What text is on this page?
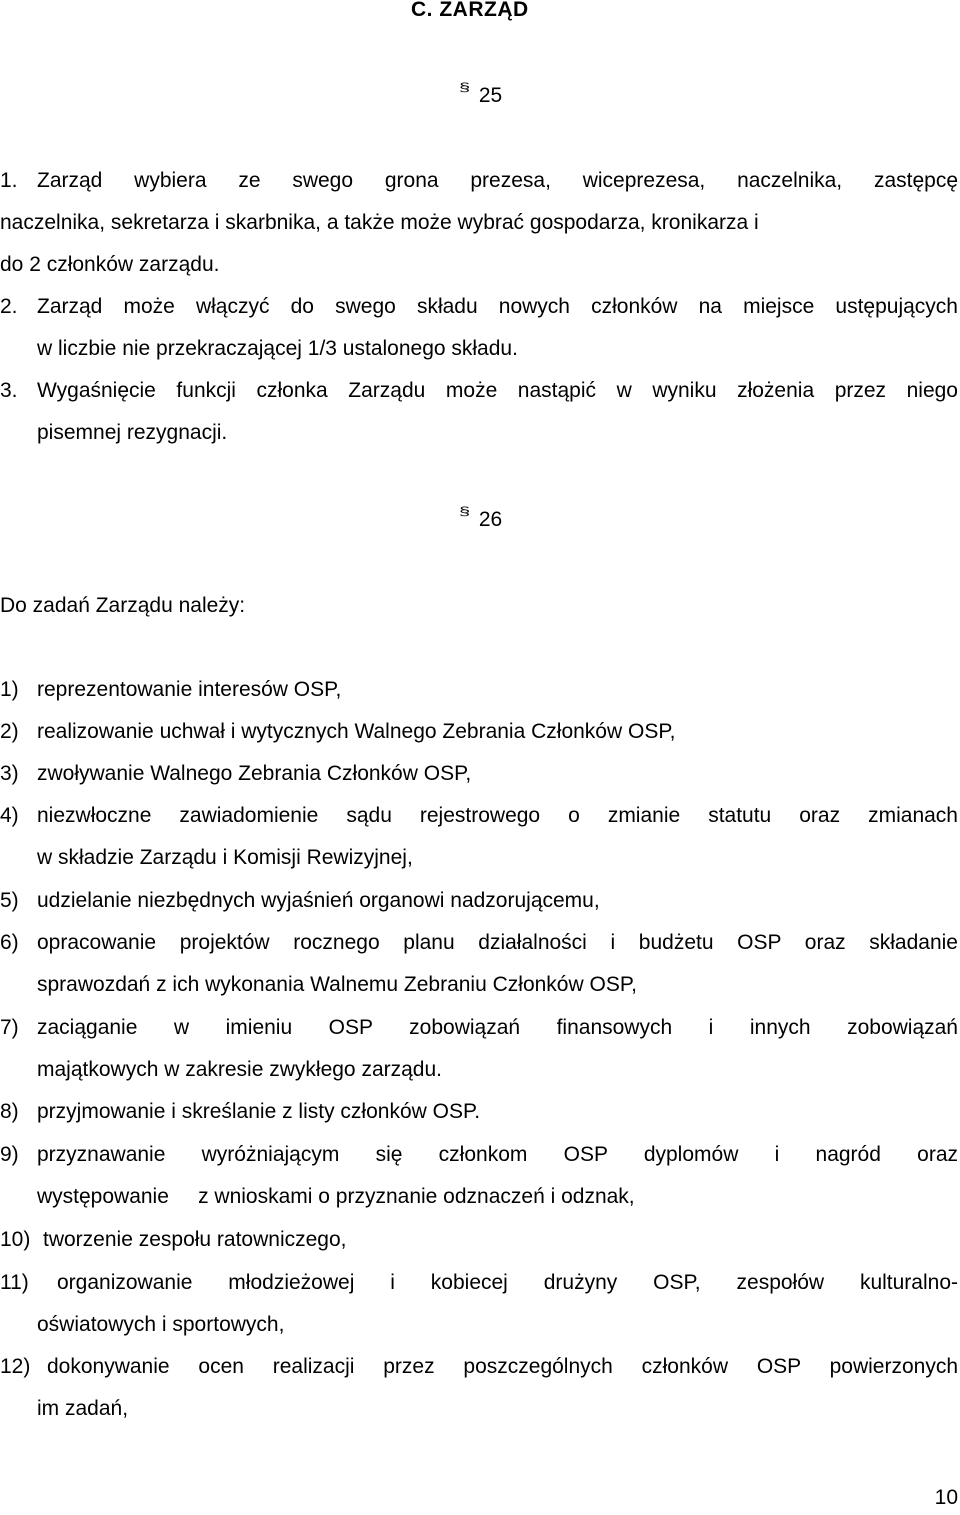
C. ZARZĄD

§ 25

1. Zarząd wybiera ze swego grona prezesa, wiceprezesa, naczelnika, zastępcę
naczelnika, sekretarza i skarbnika, a także może wybrać gospodarza, kronikarza i
do 2 członków zarządu.
2. Zarząd może włączyć do swego składu nowych członków na miejsce ustępujących
w liczbie nie przekraczającej 1/3 ustalonego składu.
3. Wygaśnięcie funkcji członka Zarządu może nastąpić w wyniku złożenia przez niego
pisemnej rezygnacji.

§ 26

Do zadań Zarządu należy:

1) reprezentowanie interesów OSP,
2) realizowanie uchwał i wytycznych Walnego Zebrania Członków OSP,
3) zwoływanie Walnego Zebrania Członków OSP,
4) niezwłoczne zawiadomienie sądu rejestrowego o zmianie statutu oraz zmianach
w składzie Zarządu i Komisji Rewizyjnej,
5) udzielanie niezbędnych wyjaśnień organowi nadzorującemu,
6) opracowanie projektów rocznego planu działalności i budżetu OSP oraz składanie
sprawozdań z ich wykonania Walnemu Zebraniu Członków OSP,
7) zaciąganie w imieniu OSP zobowiązań finansowych i innych zobowiązań
majątkowych w zakresie zwykłego zarządu.
8) przyjmowanie i skreślanie z listy członków OSP.
9) przyznawanie wyróżniającym się członkom OSP dyplomów i nagród oraz
występowanie     z wnioskami o przyznanie odznaczeń i odznak,
10) tworzenie zespołu ratowniczego,
11) organizowanie młodzieżowej i kobiecej drużyny OSP, zespołów kulturalno-
oświatowych i sportowych,
12) dokonywanie ocen realizacji przez poszczególnych członków OSP powierzonych
im zadań,

10
